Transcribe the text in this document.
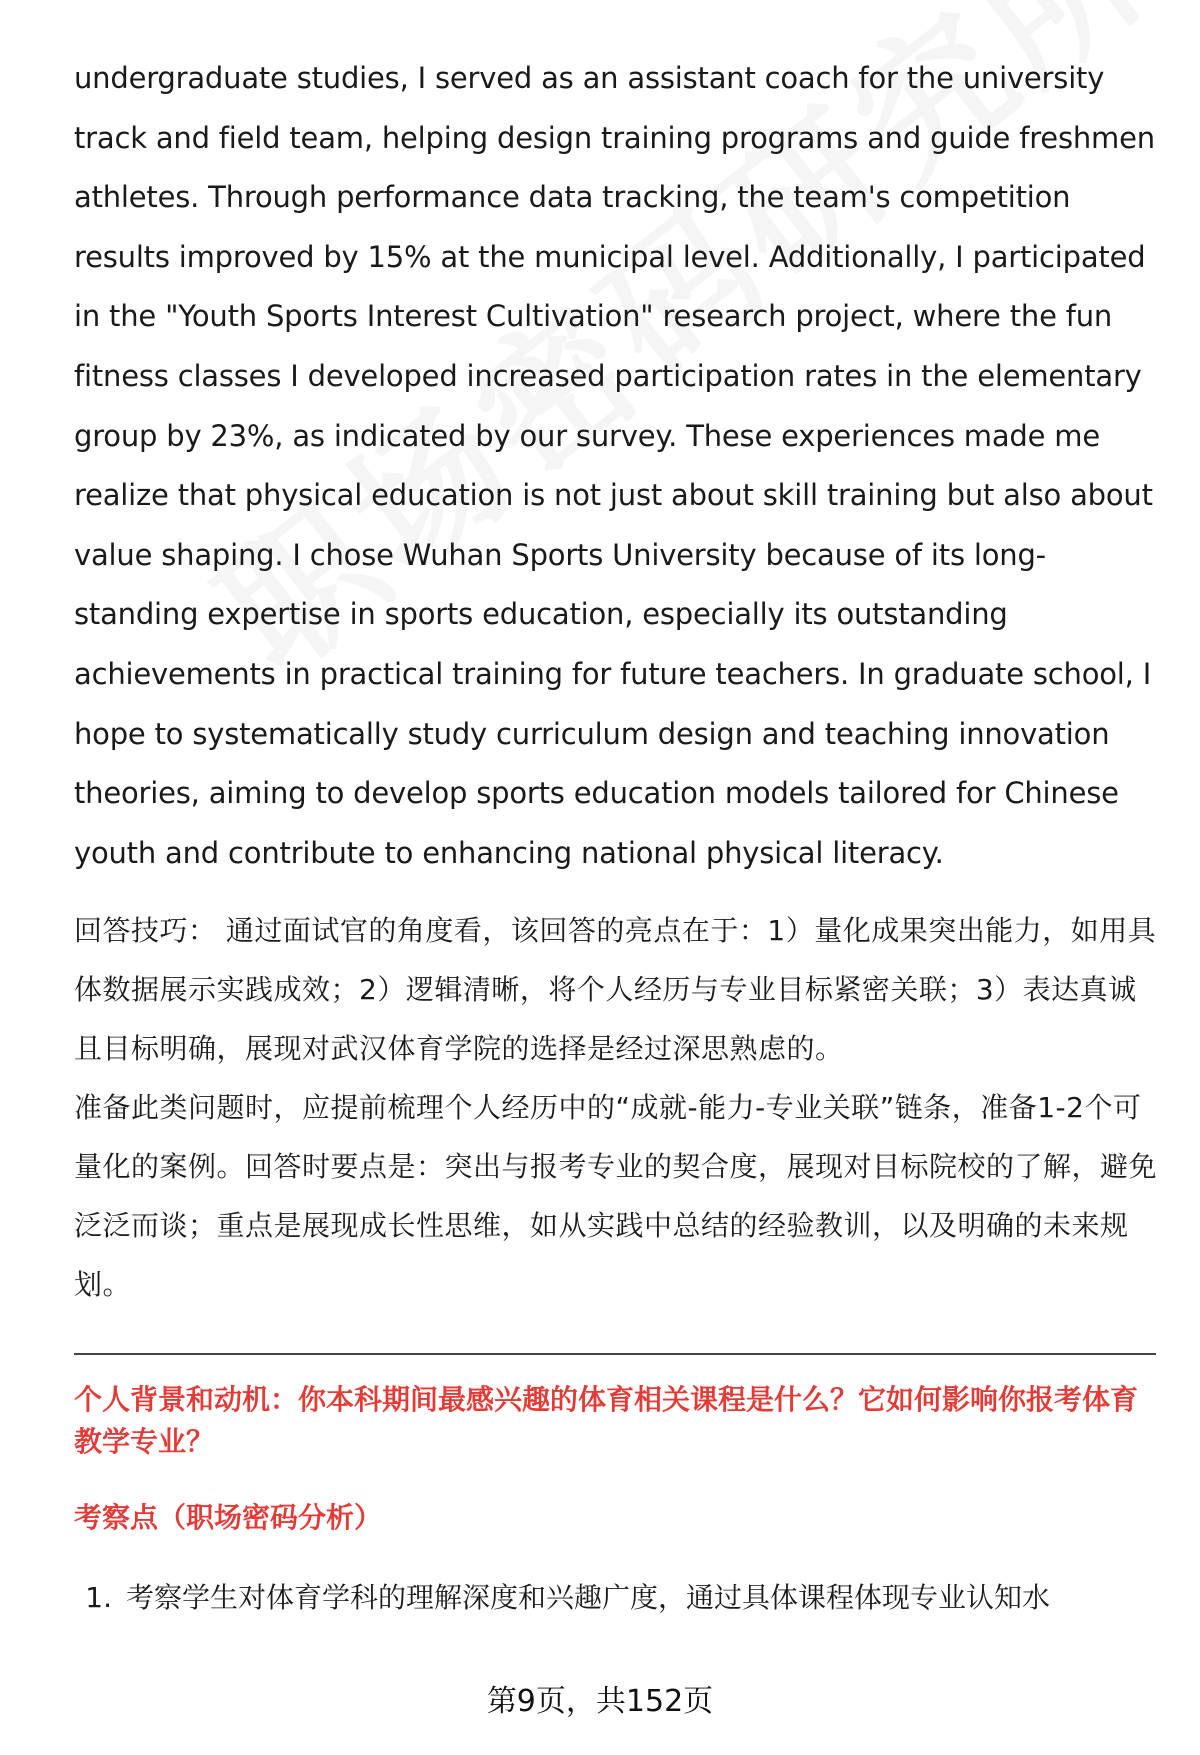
undergraduate studies, I served as an assistant coach for the university track and field team, helping design training programs and guide freshmen athletes. Through performance data tracking, the team's competition results improved by 15% at the municipal level. Additionally, I participated in the "Youth Sports Interest Cultivation" research project, where the fun fitness classes I developed increased participation rates in the elementary group by 23%, as indicated by our survey. These experiences made me realize that physical education is not just about skill training but also about value shaping. I chose Wuhan Sports University because of its long-standing expertise in sports education, especially its outstanding achievements in practical training for future teachers. In graduate school, I hope to systematically study curriculum design and teaching innovation theories, aiming to develop sports education models tailored for Chinese youth and contribute to enhancing national physical literacy.

回答技巧： 通过面试官的角度看，该回答的亮点在于：1）量化成果突出能力，如用具体数据展示实践成效；2）逻辑清晰，将个人经历与专业目标紧密关联；3）表达真诚且目标明确，展现对武汉体育学院的选择是经过深思熟虑的。

准备此类问题时，应提前梳理个人经历中的“成就-能力-专业关联”链条，准备1-2个可量化的案例。回答时要点是：突出与报考专业的契合度，展现对目标院校的了解，避免泛泛而谈；重点是展现成长性思维，如从实践中总结的经验教训，以及明确的未来规划。

个人背景和动机：你本科期间最感兴趣的体育相关课程是什么？它如何影响你报考体育教学专业？

考察点（职场密码分析）

1. 考察学生对体育学科的理解深度和兴趣广度，通过具体课程体现专业认知水
第9页，共152页
